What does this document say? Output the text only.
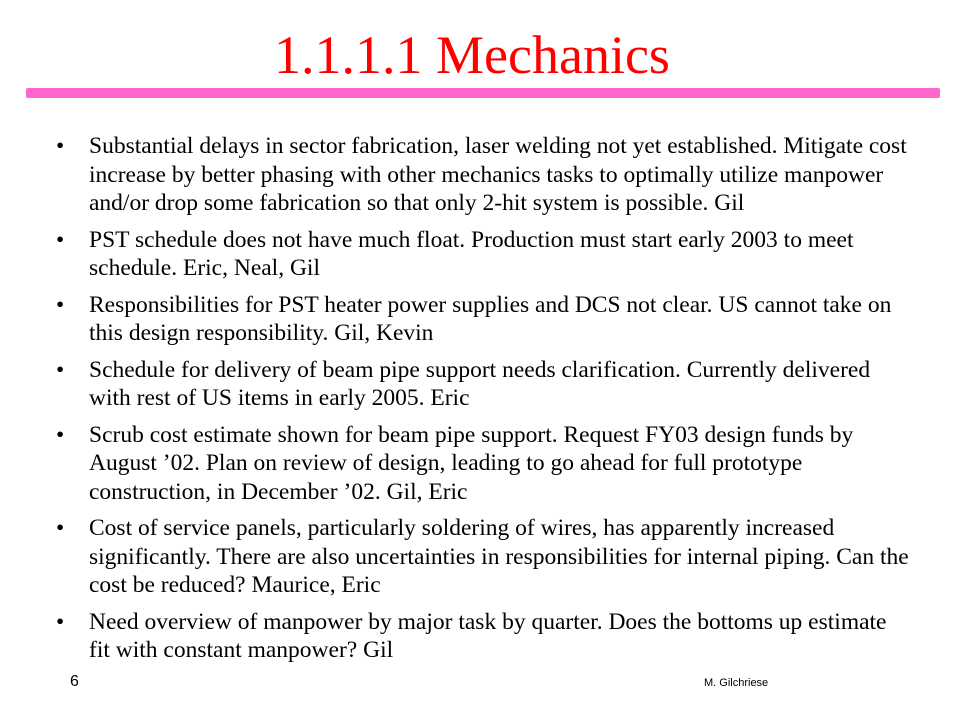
1.1.1.1 Mechanics
• Substantial delays in sector fabrication, laser welding not yet established. Mitigate cost increase by better phasing with other mechanics tasks to optimally utilize manpower and/or drop some fabrication so that only 2-hit system is possible. Gil
• PST schedule does not have much float. Production must start early 2003 to meet schedule. Eric, Neal, Gil
• Responsibilities for PST heater power supplies and DCS not clear. US cannot take on this design responsibility. Gil, Kevin
• Schedule for delivery of beam pipe support needs clarification. Currently delivered with rest of US items in early 2005. Eric
• Scrub cost estimate shown for beam pipe support. Request FY03 design funds by August ’02. Plan on review of design, leading to go ahead for full prototype construction, in December ’02. Gil, Eric
• Cost of service panels, particularly soldering of wires, has apparently increased significantly. There are also uncertainties in responsibilities for internal piping. Can the cost be reduced? Maurice, Eric
• Need overview of manpower by major task by quarter. Does the bottoms up estimate fit with constant manpower? Gil
6	M. Gilchriese
